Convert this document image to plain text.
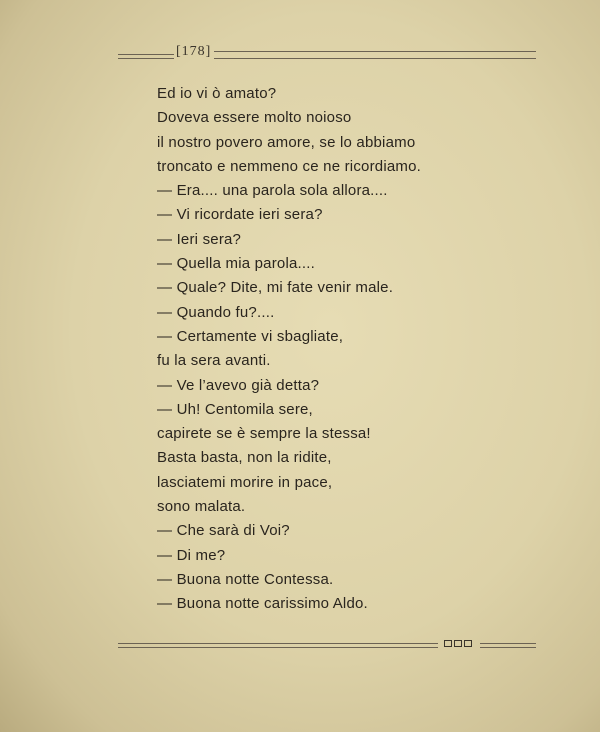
[178]
Ed io vi ò amato?
Doveva essere molto noioso
il nostro povero amore, se lo abbiamo
troncato e nemmeno ce ne ricordiamo.
— Era.... una parola sola allora....
— Vi ricordate ieri sera?
— Ieri sera?
— Quella mia parola....
— Quale? Dite, mi fate venir male.
— Quando fu?....
— Certamente vi sbagliate,
fu la sera avanti.
— Ve l’avevo già detta?
— Uh! Centomila sere,
capirete se è sempre la stessa!
Basta basta, non la ridite,
lasciatemi morire in pace,
sono malata.
— Che sarà di Voi?
— Di me?
— Buona notte Contessa.
— Buona notte carissimo Aldo.
